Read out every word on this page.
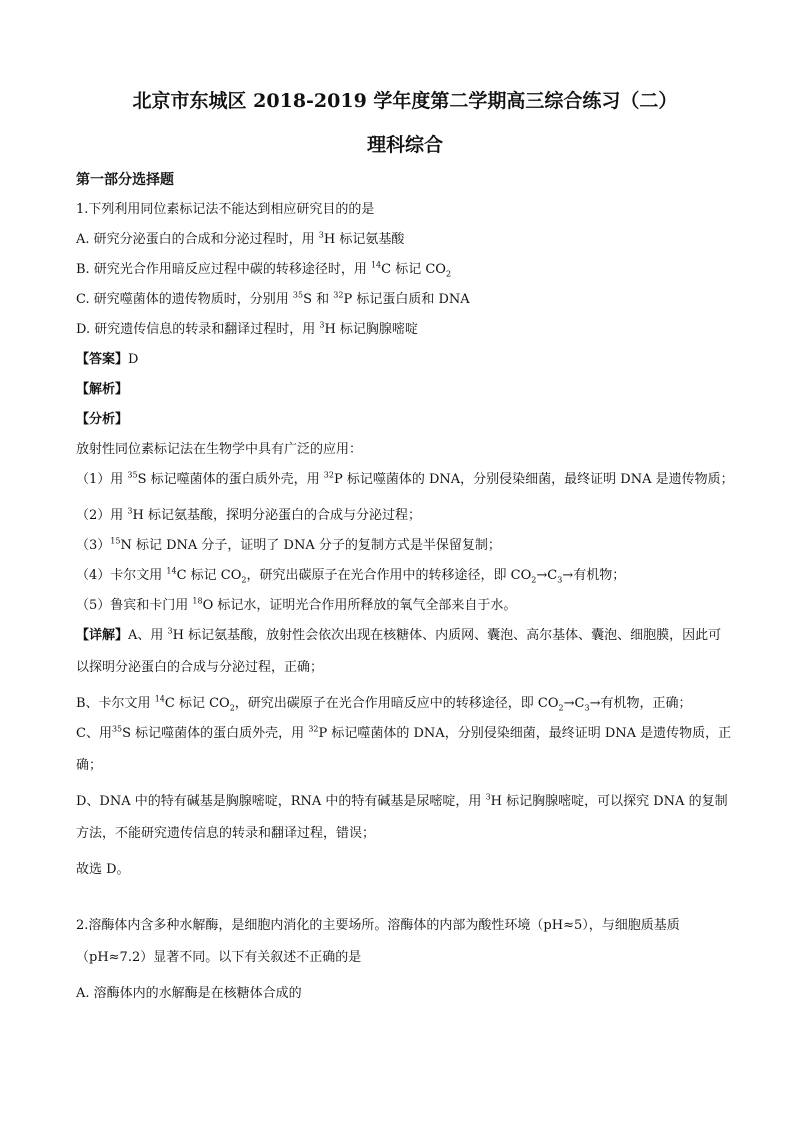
北京市东城区 2018-2019 学年度第二学期高三综合练习（二）
理科综合
第一部分选择题
1.下列利用同位素标记法不能达到相应研究目的的是
A. 研究分泌蛋白的合成和分泌过程时，用 $^3$H 标记氨基酸
B. 研究光合作用暗反应过程中碳的转移途径时，用 $^{14}$C 标记 $CO_2$
C. 研究噬菌体的遗传物质时，分别用 $^{35}$S 和 $^{32}$P 标记蛋白质和 DNA
D. 研究遗传信息的转录和翻译过程时，用 $^3$H 标记胸腺嘧啶
【答案】D
【解析】
【分析】
放射性同位素标记法在生物学中具有广泛的应用：
（1）用 $^{35}$S 标记噬菌体的蛋白质外壳，用 $^{32}$P 标记噬菌体的 DNA，分别侵染细菌，最终证明 DNA 是遗传物质；
（2）用 $^3$H 标记氨基酸，探明分泌蛋白的合成与分泌过程；
$(3)^{15}N$ 标记 DNA 分子，证明了 DNA 分子的复制方式是半保留复制；
（4）卡尔文用 $^{14}$C 标记 $CO_2$，研究出碳原子在光合作用中的转移途径，即 $CO_2\to C_3\to$有机物；
（5）鲁宾和卡门用 $^{18}$O 标记水，证明光合作用所释放的氧气全部来自于水。
【详解】A、用 $^3$H 标记氨基酸，放射性会依次出现在核糖体、内质网、囊泡、高尔基体、囊泡、细胞膜，因此可以探明分泌蛋白的合成与分泌过程，正确；
B、卡尔文用 $^{14}$C 标记 $CO_2$，研究出碳原子在光合作用暗反应中的转移途径，即 $CO_2\to C_3\to$有机物，正确；
C、用$^{35}$S 标记噬菌体的蛋白质外壳，用 $^{32}$P 标记噬菌体的 DNA，分别侵染细菌，最终证明 DNA 是遗传物质，正确；
D、DNA 中的特有碱基是胸腺嘧啶，RNA 中的特有碱基是尿嘧啶，用 $^3$H 标记胸腺嘧啶，可以探究 DNA 的复制方法，不能研究遗传信息的转录和翻译过程，错误；
故选 D。
2.溶酶体内含多种水解酶，是细胞内消化的主要场所。溶酶体的内部为酸性环境（pH≈5），与细胞质基质（pH≈7.2）显著不同。以下有关叙述不正确的是
A. 溶酶体内的水解酶是在核糖体合成的
